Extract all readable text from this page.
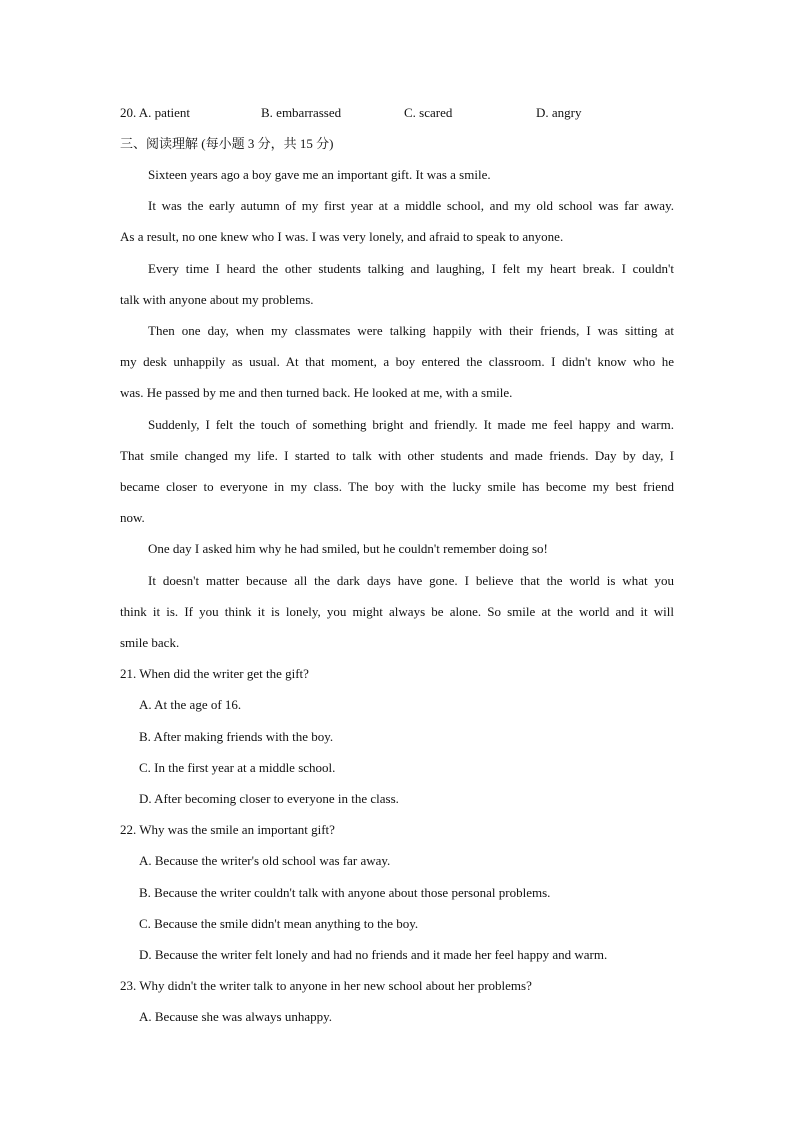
20. A. patient	B. embarrassed	C. scared	D. angry
三、阅读理解 (每小题 3 分，共 15 分)
Sixteen years ago a boy gave me an important gift. It was a smile.
It was the early autumn of my first year at a middle school, and my old school was far away.
As a result, no one knew who I was. I was very lonely, and afraid to speak to anyone.
Every time I heard the other students talking and laughing, I felt my heart break. I couldn't
talk with anyone about my problems.
Then one day, when my classmates were talking happily with their friends, I was sitting at
my desk unhappily as usual. At that moment, a boy entered the classroom. I didn't know who he
was. He passed by me and then turned back. He looked at me, with a smile.
Suddenly, I felt the touch of something bright and friendly. It made me feel happy and warm.
That smile changed my life. I started to talk with other students and made friends. Day by day, I
became closer to everyone in my class. The boy with the lucky smile has become my best friend
now.
One day I asked him why he had smiled, but he couldn't remember doing so!
It doesn't matter because all the dark days have gone. I believe that the world is what you
think it is. If you think it is lonely, you might always be alone. So smile at the world and it will
smile back.
21. When did the writer get the gift?
A. At the age of 16.
B. After making friends with the boy.
C. In the first year at a middle school.
D. After becoming closer to everyone in the class.
22. Why was the smile an important gift?
A. Because the writer's old school was far away.
B. Because the writer couldn't talk with anyone about those personal problems.
C. Because the smile didn't mean anything to the boy.
D. Because the writer felt lonely and had no friends and it made her feel happy and warm.
23. Why didn't the writer talk to anyone in her new school about her problems?
A. Because she was always unhappy.
